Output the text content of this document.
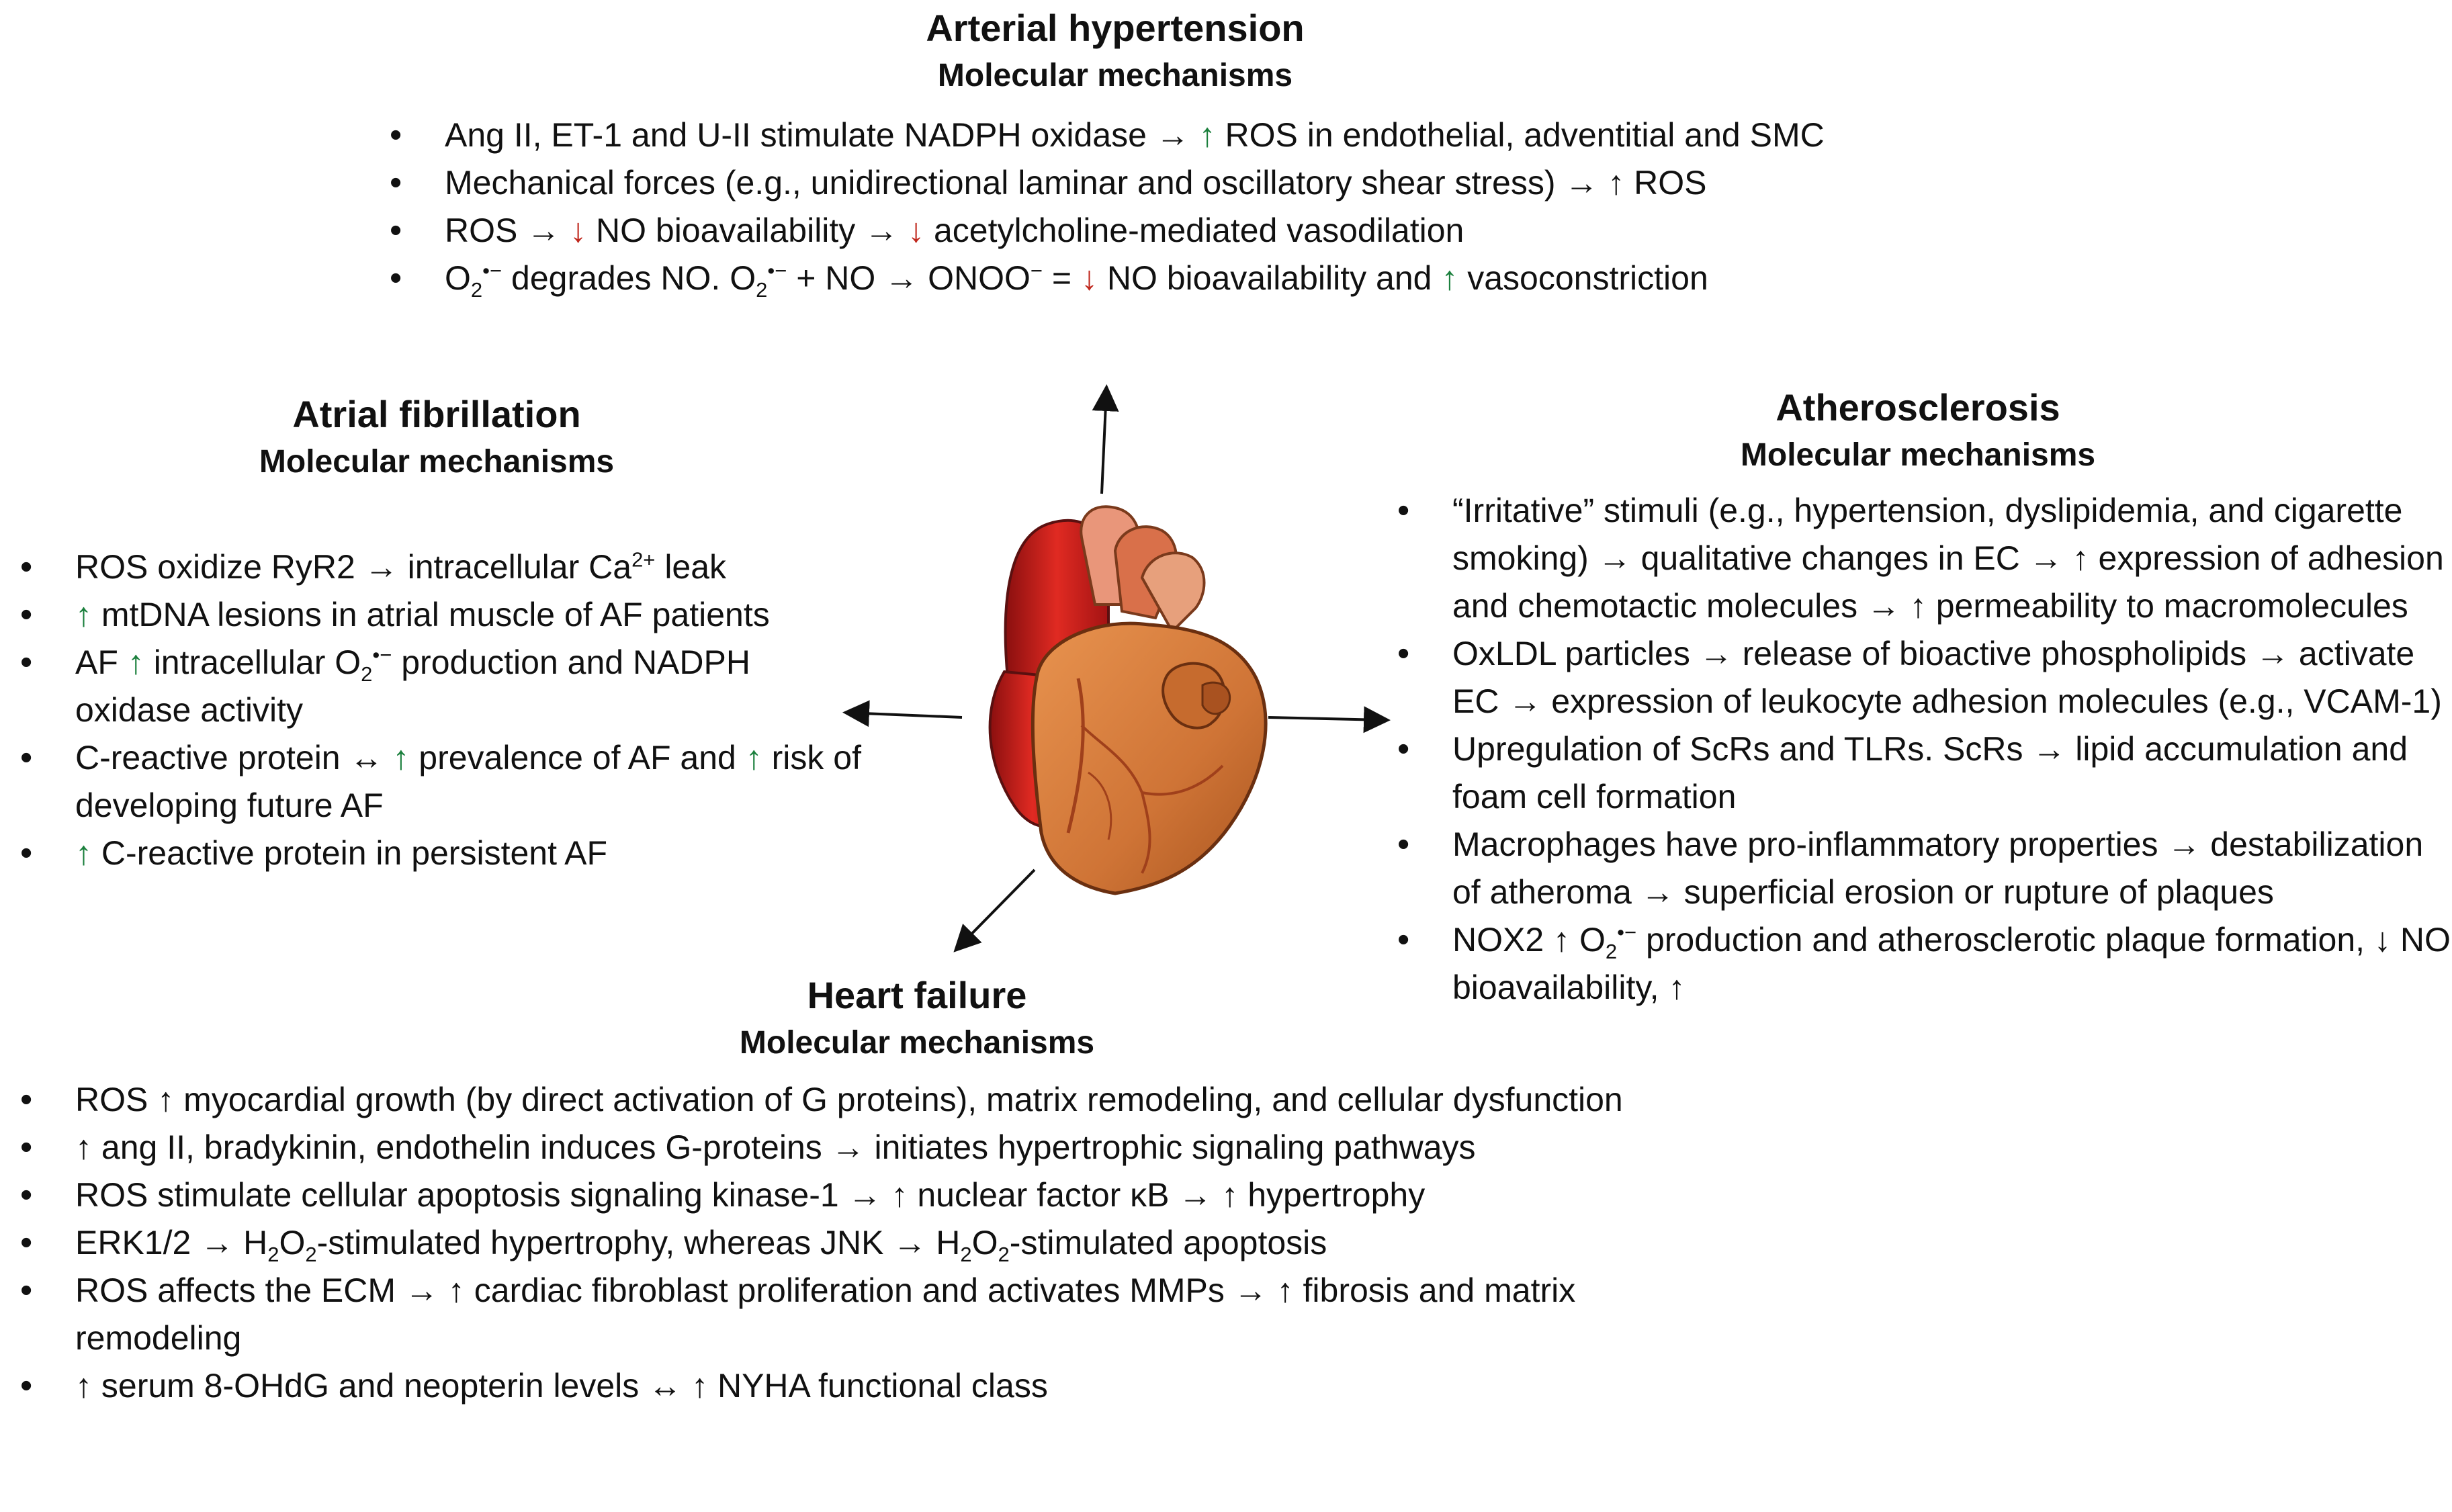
Arterial hypertension
Molecular mechanisms
• Ang II, ET-1 and U-II stimulate NADPH oxidase → ↑ ROS in endothelial, adventitial and SMC
• Mechanical forces (e.g., unidirectional laminar and oscillatory shear stress) → ↑ ROS
• ROS → ↓ NO bioavailability → ↓ acetylcholine-mediated vasodilation
• $O_2^{•-}$ degrades NO. $O_2^{•-}$ + NO → ONOO− = ↓ NO bioavailability and ↑ vasoconstriction
Atrial fibrillation
Molecular mechanisms
• ROS oxidize RyR2 → intracellular $Ca^{2+}$ leak
• ↑ mtDNA lesions in atrial muscle of AF patients
• AF ↑ intracellular $O_2^{•-}$ production and NADPH oxidase activity
• C-reactive protein ↔ ↑ prevalence of AF and ↑ risk of developing future AF
• ↑ C-reactive protein in persistent AF
Atherosclerosis
Molecular mechanisms
• “Irritative” stimuli (e.g., hypertension, dyslipidemia, and cigarette smoking) → qualitative changes in EC → ↑ expression of adhesion and chemotactic molecules → ↑ permeability to macromolecules
• OxLDL particles → release of bioactive phospholipids → activate EC → expression of leukocyte adhesion molecules (e.g., VCAM-1)
• Upregulation of ScRs and TLRs. ScRs → lipid accumulation and foam cell formation
• Macrophages have pro-inflammatory properties → destabilization of atheroma → superficial erosion or rupture of plaques
• NOX2 ↑ $O_2^{•-}$ production and atherosclerotic plaque formation, ↓ NO bioavailability, ↑
Heart failure
Molecular mechanisms
• ROS ↑ myocardial growth (by direct activation of G proteins), matrix remodeling, and cellular dysfunction
• ↑ ang II, bradykinin, endothelin induces G-proteins → initiates hypertrophic signaling pathways
• ROS stimulate cellular apoptosis signaling kinase-1 → ↑ nuclear factor κB → ↑ hypertrophy
• $ERK1/2 \to H_2O_2$-stimulated hypertrophy, whereas JNK → $H_2O_2$-stimulated apoptosis
• ROS affects the ECM → ↑ cardiac fibroblast proliferation and activates MMPs → ↑ fibrosis and matrix remodeling
• ↑ serum 8-OHdG and neopterin levels ↔ ↑ NYHA functional class
